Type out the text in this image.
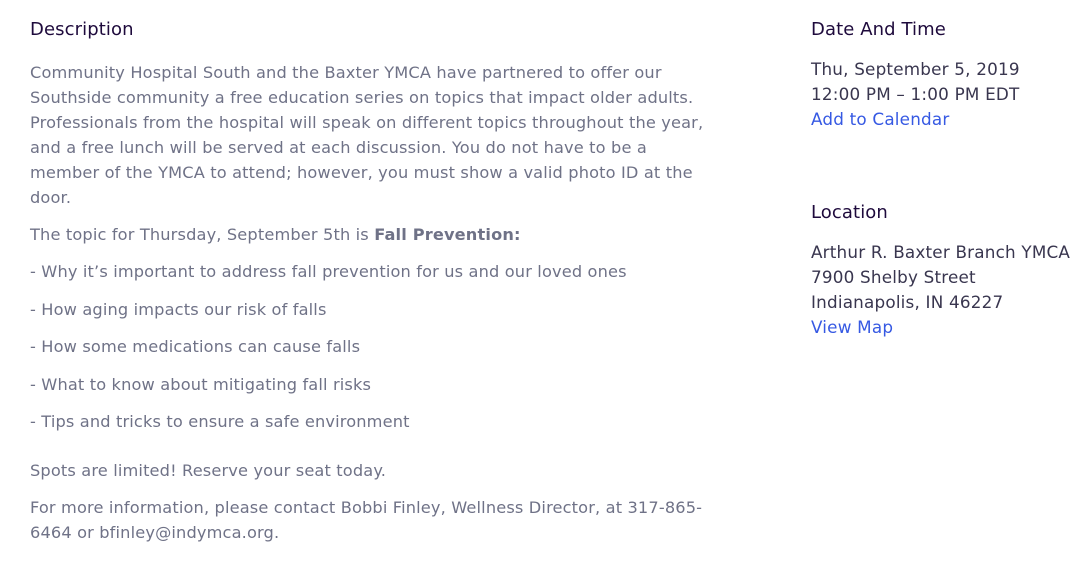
Description

Community Hospital South and the Baxter YMCA have partnered to offer our Southside community a free education series on topics that impact older adults. Professionals from the hospital will speak on different topics throughout the year, and a free lunch will be served at each discussion. You do not have to be a member of the YMCA to attend; however, you must show a valid photo ID at the door.

The topic for Thursday, September 5th is Fall Prevention:

- Why it’s important to address fall prevention for us and our loved ones

- How aging impacts our risk of falls

- How some medications can cause falls

- What to know about mitigating fall risks

- Tips and tricks to ensure a safe environment

Spots are limited! Reserve your seat today.

For more information, please contact Bobbi Finley, Wellness Director, at 317-865-6464 or bfinley@indymca.org.

Date And Time

Thu, September 5, 2019

12:00 PM – 1:00 PM EDT

Add to Calendar
Location

Arthur R. Baxter Branch YMCA

7900 Shelby Street

Indianapolis, IN 46227

View Map
